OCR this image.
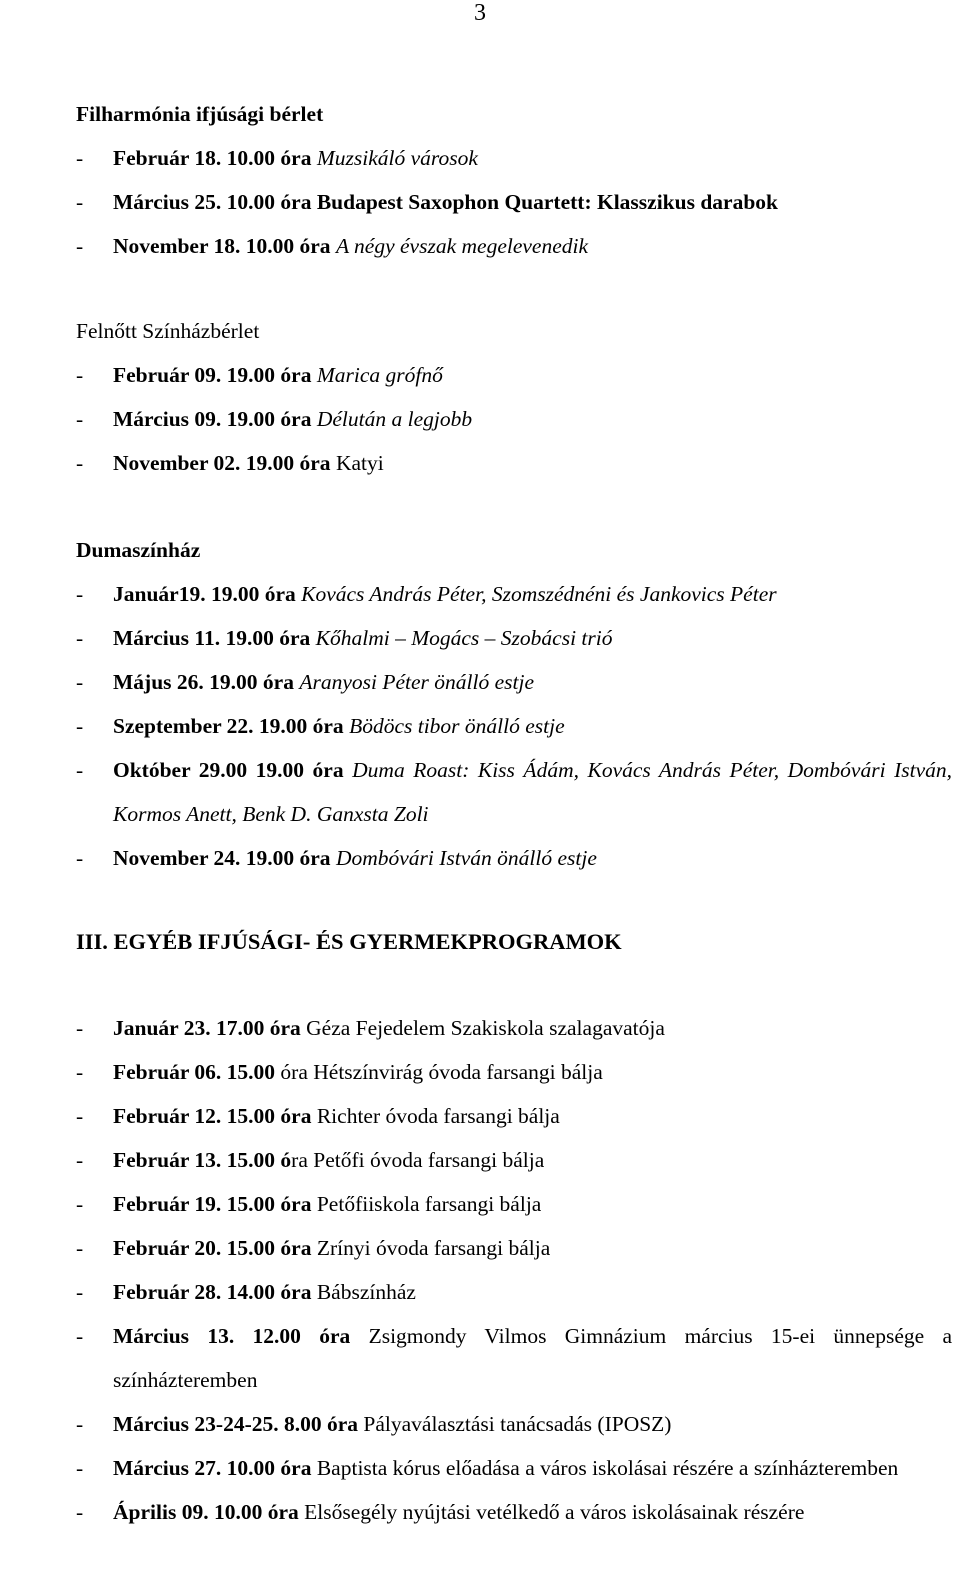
3
Filharmónia ifjúsági bérlet
- Február 18. 10.00 óra Muzsikáló városok
- Március 25. 10.00 óra Budapest Saxophon Quartett: Klasszikus darabok
- November 18. 10.00 óra A négy évszak megelevenedik
Felnőtt Színházbérlet
- Február 09. 19.00 óra Marica grófnő
- Március 09. 19.00 óra Délután a legjobb
- November 02. 19.00 óra Katyi
Dumaszínház
- Január19. 19.00 óra Kovács András Péter, Szomszédnéni és Jankovics Péter
- Március 11. 19.00 óra Kőhalmi – Mogács – Szobácsi trió
- Május 26. 19.00 óra Aranyosi Péter önálló estje
- Szeptember 22. 19.00 óra Bödöcs tibor önálló estje
- Október 29.00 19.00 óra Duma Roast: Kiss Ádám, Kovács András Péter, Dombóvári István, Kormos Anett, Benk D. Ganxsta Zoli
- November 24. 19.00 óra Dombóvári István önálló estje
III. EGYÉB IFJÚSÁGI- ÉS GYERMEKPROGRAMOK
- Január 23. 17.00 óra Géza Fejedelem Szakiskola szalagavatója
- Február 06. 15.00 óra Hétszínvirág óvoda farsangi bálja
- Február 12. 15.00 óra Richter óvoda farsangi bálja
- Február 13. 15.00 óra Petőfi óvoda farsangi bálja
- Február 19. 15.00 óra Petőfiiskola farsangi bálja
- Február 20. 15.00 óra Zrínyi óvoda farsangi bálja
- Február 28. 14.00 óra Bábszínház
- Március 13. 12.00 óra Zsigmondy Vilmos Gimnázium március 15-ei ünnepsége a színházteremben
- Március 23-24-25. 8.00 óra Pályaválasztási tanácsadás (IPOSZ)
- Március 27. 10.00 óra Baptista kórus előadása a város iskolásai részére a színházteremben
- Április 09. 10.00 óra Elsősegély nyújtási vetélkedő a város iskolásainak részére
